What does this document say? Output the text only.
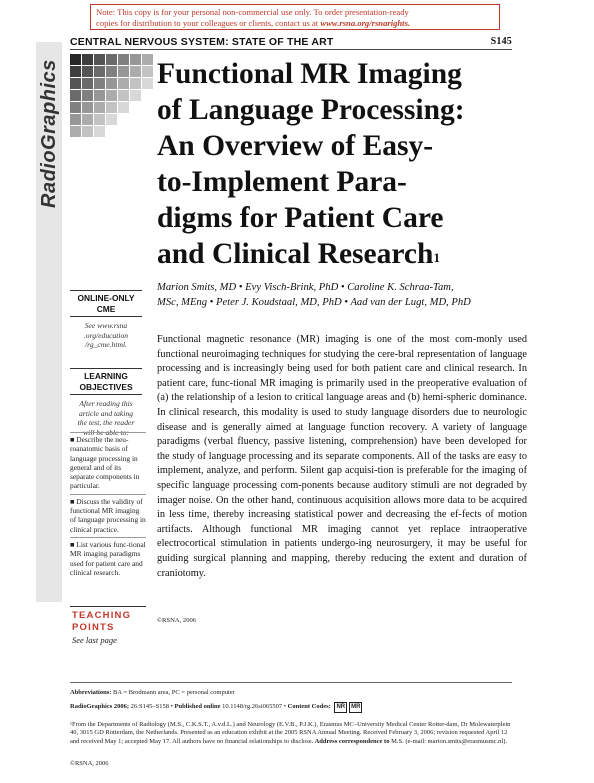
Note: This copy is for your personal non-commercial use only. To order presentation-ready
copies for distribution to your colleagues or clients, contact us at www.rsna.org/rsnarights.
RadioGraphics
CENTRAL NERVOUS SYSTEM: STATE OF THE ART	S145
Functional MR Imaging
of Language Processing:
An Overview of Easy-
to-Implement Para-
digms for Patient Care
and Clinical Research$^1$
Marion Smits, MD • Evy Visch-Brink, PhD • Caroline K. Schraa-Tam,
MSc, MEng • Peter J. Koudstaal, MD, PhD • Aad van der Lugt, MD, PhD
ONLINE-ONLY
CME
See www.rsna
.org/education
/rg_cme.html.
LEARNING
OBJECTIVES
After reading this
article and taking
the test, the reader
will be able to:
■ Describe the neu-roanatomic basis of language processing in general and of its separate components in particular.
■ Discuss the validity of functional MR imaging of language processing in clinical practice.
■ List various func-tional MR imaging paradigms used for patient care and clinical research.
TEACHING
POINTS
See last page
Functional magnetic resonance (MR) imaging is one of the most com-monly used functional neuroimaging techniques for studying the cere-bral representation of language processing and is increasingly being used for both patient care and clinical research. In patient care, func-tional MR imaging is primarily used in the preoperative evaluation of (a) the relationship of a lesion to critical language areas and (b) hemi-spheric dominance. In clinical research, this modality is used to study language disorders due to neurologic disease and is generally aimed at language function recovery. A variety of language paradigms (verbal fluency, passive listening, comprehension) have been developed for the study of language processing and its separate components. All of the tasks are easy to implement, analyze, and perform. Silent gap acquisi-tion is preferable for the imaging of specific language processing com-ponents because auditory stimuli are not degraded by imager noise. On the other hand, continuous acquisition allows more data to be acquired in less time, thereby increasing statistical power and decreasing the ef-fects of motion artifacts. Although functional MR imaging cannot yet replace intraoperative electrocortical stimulation in patients undergo-ing neurosurgery, it may be useful for guiding surgical planning and mapping, thereby reducing the extent and duration of craniotomy.
©RSNA, 2006
Abbreviations: BA = Brodmann area, PC = personal computer
RadioGraphics 2006; 26:S145–S158 • Published online 10.1148/rg.26si065507 • Content Codes: NR MR
¹From the Departments of Radiology (M.S., C.K.S.T., A.v.d.L.) and Neurology (E.V.B., P.J.K.), Erasmus MC–University Medical Center Rotter-dam, Dr Molewaterplein 40, 3015 GD Rotterdam, the Netherlands. Presented as an education exhibit at the 2005 RSNA Annual Meeting. Received February 3, 2006; revision requested April 12 and received May 1; accepted May 17. All authors have no financial relationships to disclose. Address correspondence to M.S. (e-mail: marion.smits@erasmusmc.nl).
©RSNA, 2006
